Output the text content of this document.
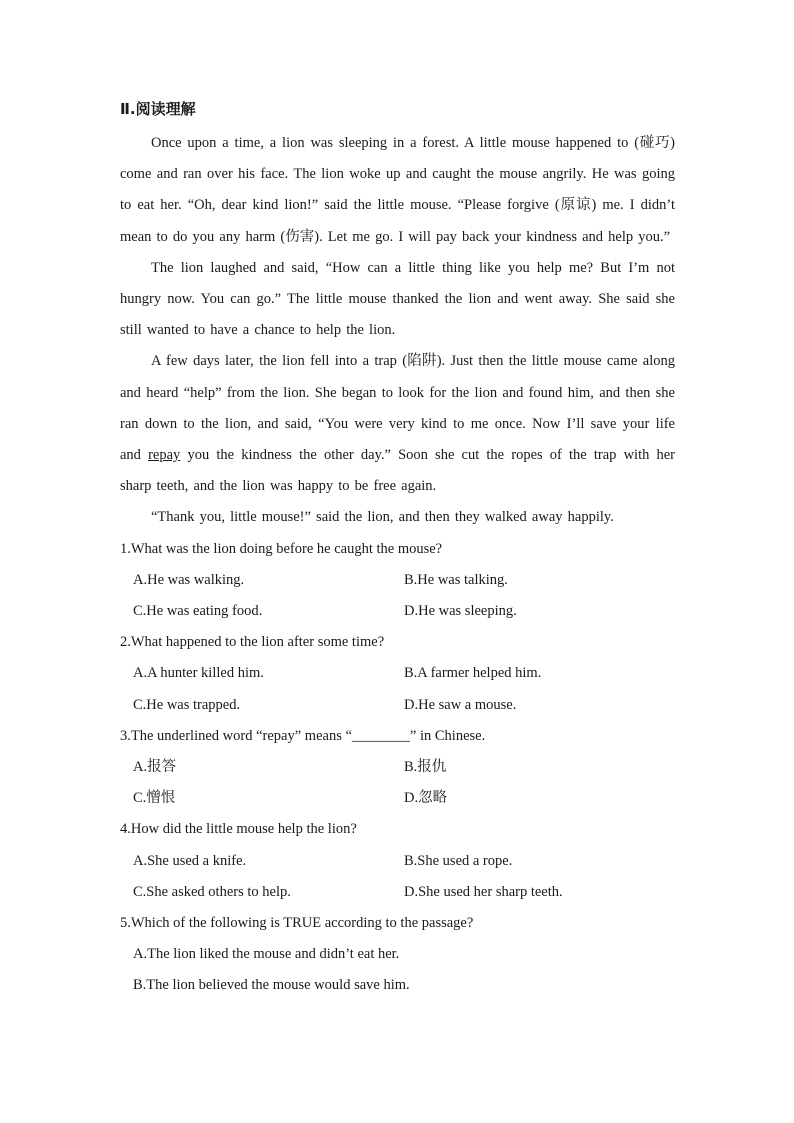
Ⅱ.阅读理解

Once upon a time, a lion was sleeping in a forest. A little mouse happened to (碰巧) come and ran over his face. The lion woke up and caught the mouse angrily. He was going to eat her. “Oh, dear kind lion!” said the little mouse. “Please forgive (原谅) me. I didn’t mean to do you any harm (伤害). Let me go. I will pay back your kindness and help you.”

The lion laughed and said, “How can a little thing like you help me? But I’m not hungry now. You can go.” The little mouse thanked the lion and went away. She said she still wanted to have a chance to help the lion.

A few days later, the lion fell into a trap (陷阱). Just then the little mouse came along and heard “help” from the lion. She began to look for the lion and found him, and then she ran down to the lion, and said, “You were very kind to me once. Now I’ll save your life and repay you the kindness the other day.” Soon she cut the ropes of the trap with her sharp teeth, and the lion was happy to be free again.

“Thank you, little mouse!” said the lion, and then they walked away happily.

1.What was the lion doing before he caught the mouse?
A.He was walking.	B.He was talking.
C.He was eating food.	D.He was sleeping.
2.What happened to the lion after some time?
A.A hunter killed him.	B.A farmer helped him.
C.He was trapped.	D.He saw a mouse.
3.The underlined word “repay” means “________” in Chinese.
A.报答	B.报仇
C.憎恨	D.忽略
4.How did the little mouse help the lion?
A.She used a knife.	B.She used a rope.
C.She asked others to help.	D.She used her sharp teeth.
5.Which of the following is TRUE according to the passage?
A.The lion liked the mouse and didn’t eat her.
B.The lion believed the mouse would save him.
